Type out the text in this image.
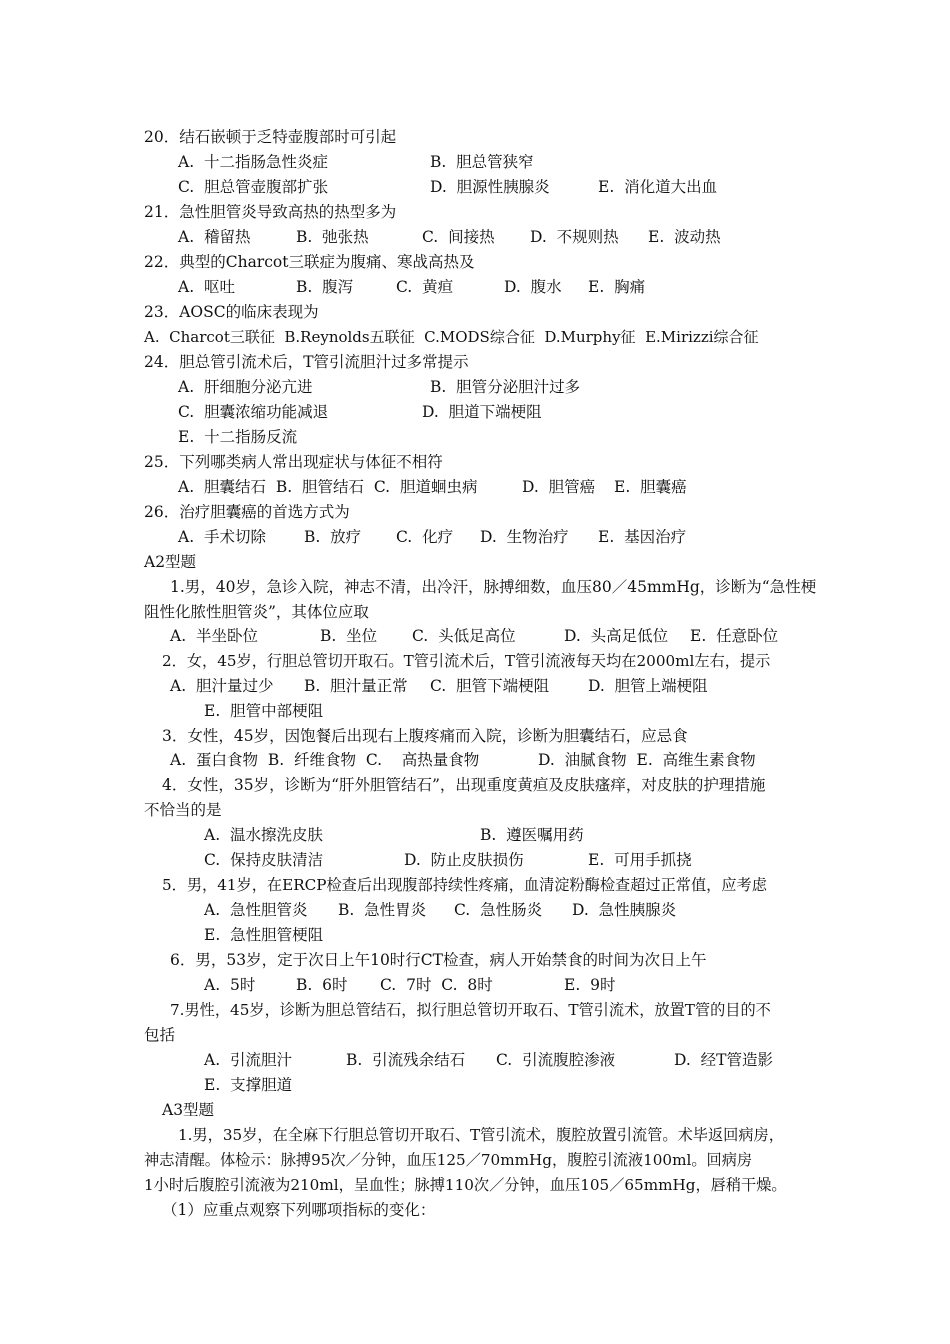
20．结石嵌顿于乏特壶腹部时可引起
A.  十二指肠急性炎症	B.  胆总管狭窄
C.  胆总管壶腹部扩张	D.  胆源性胰腺炎	E.  消化道大出血
21．急性胆管炎导致高热的热型多为
A.  稽留热	B.  弛张热	C.  间接热 D.  不规则热 E.  波动热
22．典型的Charcot三联症为腹痛、寒战高热及
A.  呕吐	B.  腹泻	C.  黄疸	D.  腹水 E.  胸痛
23．AOSC的临床表现为
A.  Charcot三联征  B.Reynolds五联征  C.MODS综合征  D.Murphy征  E.Mirizzi综合征
24．胆总管引流术后，T管引流胆汁过多常提示
A.  肝细胞分泌亢进	B.  胆管分泌胆汁过多
C.  胆囊浓缩功能减退	D.  胆道下端梗阻
E.  十二指肠反流
25．下列哪类病人常出现症状与体征不相符
A.  胆囊结石  B.  胆管结石  C.  胆道蛔虫病	D.  胆管癌 E.  胆囊癌
26．治疗胆囊癌的首选方式为
A.  手术切除 B.  放疗 C.  化疗 D.  生物治疗 E.  基因治疗
A2型题
1.男，40岁，急诊入院，神志不清，出冷汗，脉搏细数，血压80／45mmHg，诊断为“急性梗
阻性化脓性胆管炎”，其体位应取
A.  半坐卧位	B.  坐位 C.  头低足高位	D.  头高足低位 E.  任意卧位
2．女，45岁，行胆总管切开取石。T管引流术后，T管引流液每天均在2000ml左右，提示
A.  胆汁量过少 B.  胆汁量正常 C.  胆管下端梗阻	D.  胆管上端梗阻
E.  胆管中部梗阻
3．女性，45岁，因饱餐后出现右上腹疼痛而入院，诊断为胆囊结石，应忌食
A.  蛋白食物  B.  纤维食物  C.    高热量食物	D.  油腻食物  E.  高维生素食物
4．女性，35岁，诊断为“肝外胆管结石”，出现重度黄疸及皮肤瘙痒，对皮肤的护理措施
不恰当的是
A.  温水擦洗皮肤	B.  遵医嘱用药
C.  保持皮肤清洁	D.  防止皮肤损伤	E.  可用手抓挠
5．男，41岁，在ERCP检查后出现腹部持续性疼痛，血清淀粉酶检查超过正常值，应考虑
A.  急性胆管炎 B.  急性胃炎 C.  急性肠炎 D.  急性胰腺炎
E.  急性胆管梗阻
6．男，53岁，定于次日上午10时行CT检查，病人开始禁食的时间为次日上午
A.  5时	B.  6时 C.  7时  C.  8时	E.  9时
7.男性，45岁，诊断为胆总管结石，拟行胆总管切开取石、T管引流术，放置T管的目的不
包括
A.  引流胆汁	B.  引流残余结石 C.  引流腹腔渗液	D.  经T管造影
E.  支撑胆道
A3型题
1.男，35岁，在全麻下行胆总管切开取石、T管引流术，腹腔放置引流管。术毕返回病房，
神志清醒。体检示：脉搏95次／分钟，血压125／70mmHg，腹腔引流液100ml。回病房
1小时后腹腔引流液为210ml，呈血性；脉搏110次／分钟，血压105／65mmHg，唇稍干燥。
（1）应重点观察下列哪项指标的变化：
